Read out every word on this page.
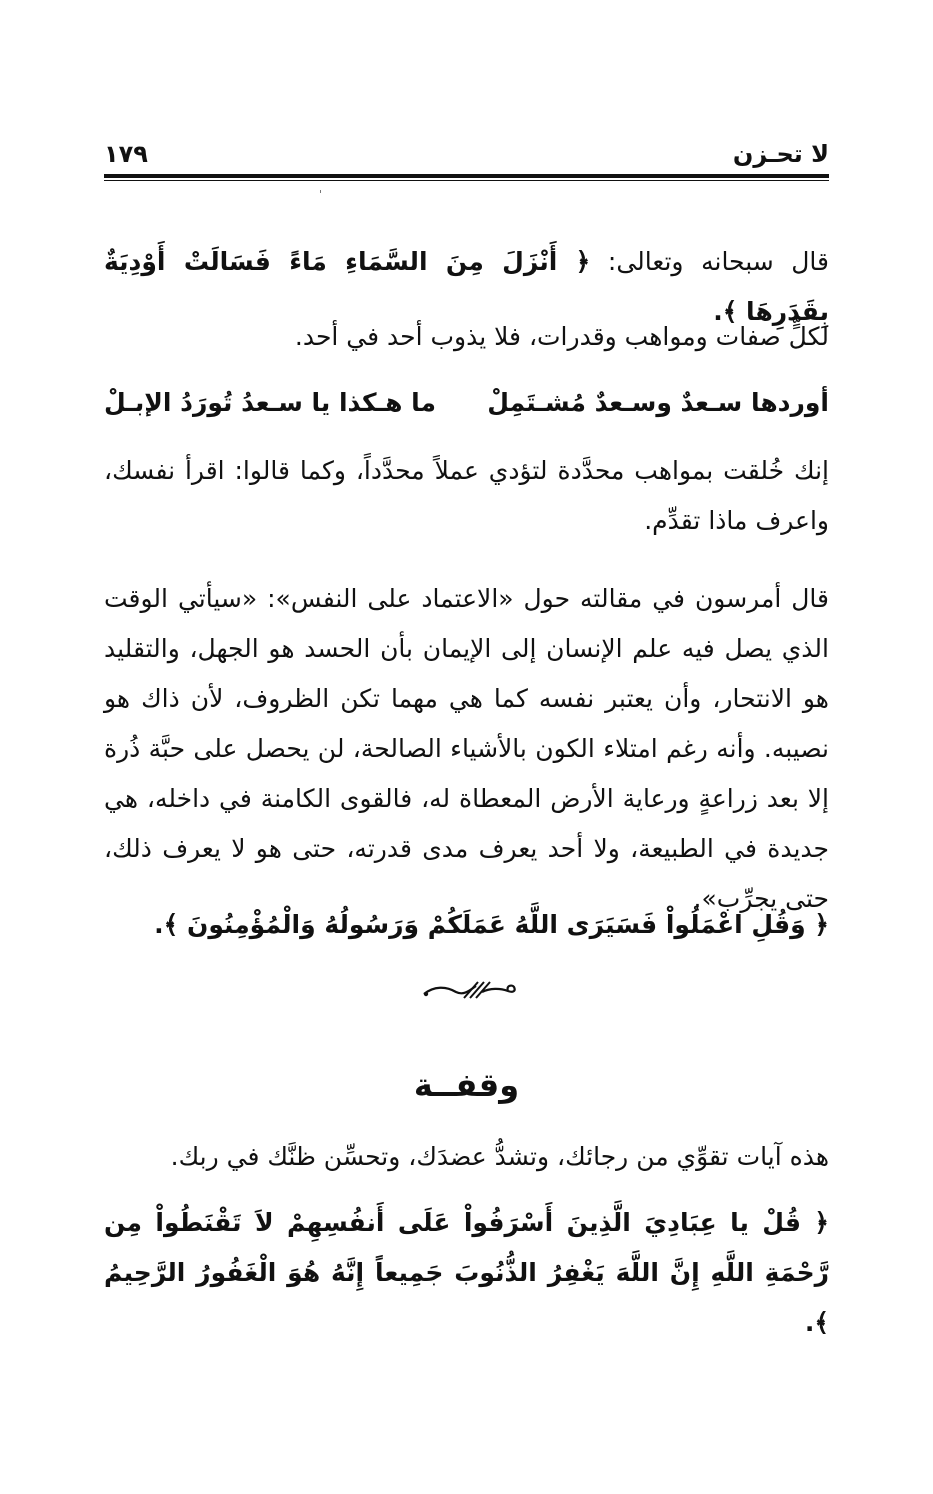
لا تحـزن
١٧٩
قال سبحانه وتعالى: ﴿ أَنْزَلَ مِنَ السَّمَاءِ مَاءً فَسَالَتْ أَوْدِيَةٌ بِقَدَرِهَا ﴾.
لكلٍّ صفات ومواهب وقدرات، فلا يذوب أحد في أحد.
أوردها سـعدٌ وسـعدٌ مُشـتَمِلْ
ما هـكذا يا سـعدُ تُورَدُ الإبـلْ
إنك خُلقت بمواهب محدَّدة لتؤدي عملاً محدَّداً، وكما قالوا: اقرأ نفسك، واعرف ماذا تقدِّم.
قال أمرسون في مقالته حول «الاعتماد على النفس»: «سيأتي الوقت الذي يصل فيه علم الإنسان إلى الإيمان بأن الحسد هو الجهل، والتقليد هو الانتحار، وأن يعتبر نفسه كما هي مهما تكن الظروف، لأن ذاك هو نصيبه. وأنه رغم امتلاء الكون بالأشياء الصالحة، لن يحصل على حبَّة ذُرة إلا بعد زراعةٍ ورعاية الأرض المعطاة له، فالقوى الكامنة في داخله، هي جديدة في الطبيعة، ولا أحد يعرف مدى قدرته، حتى هو لا يعرف ذلك، حتى يجرِّب».
﴿ وَقُلِ اعْمَلُواْ فَسَيَرَى اللَّهُ عَمَلَكُمْ وَرَسُولُهُ وَالْمُؤْمِنُونَ ﴾.
وقفــة
هذه آيات تقوِّي من رجائك، وتشدُّ عضدَك، وتحسِّن ظنَّك في ربك.
﴿ قُلْ يا عِبَادِيَ الَّذِينَ أَسْرَفُواْ عَلَى أَنفُسِهِمْ لاَ تَقْنَطُواْ مِن رَّحْمَةِ اللَّهِ إِنَّ اللَّهَ يَغْفِرُ الذُّنُوبَ جَمِيعاً إِنَّهُ هُوَ الْغَفُورُ الرَّحِيمُ ﴾.
